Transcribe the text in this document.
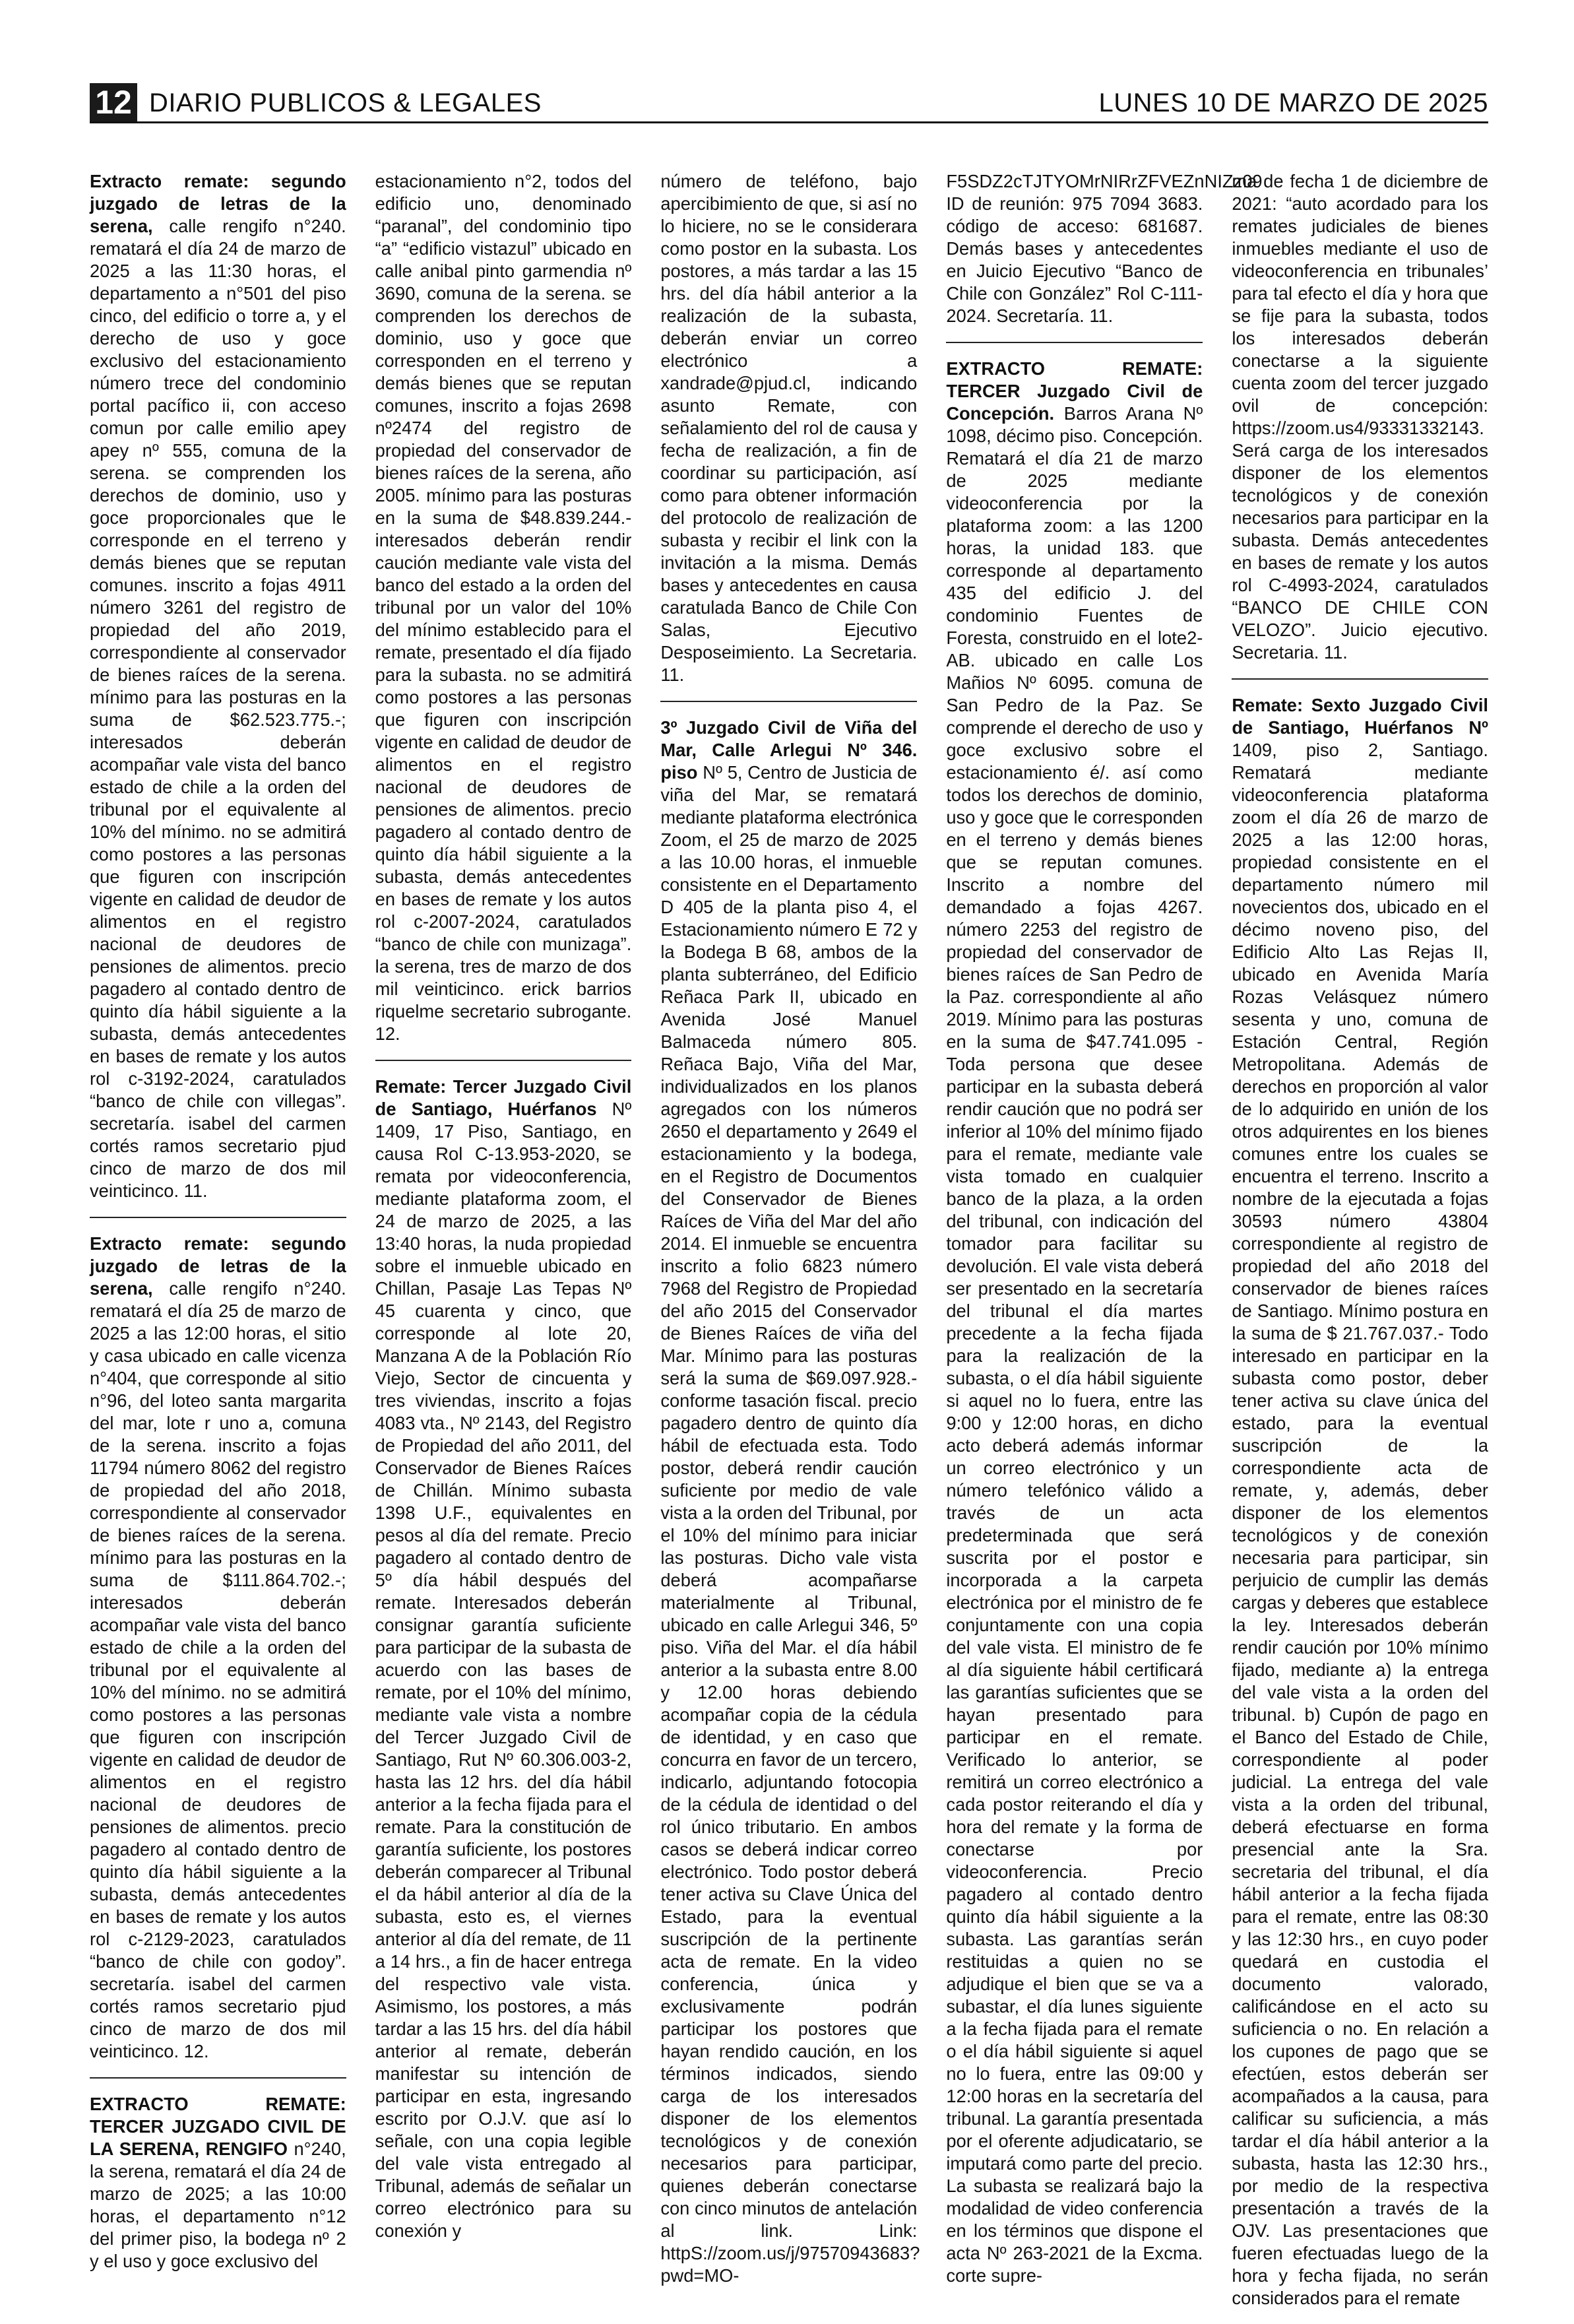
12 DIARIO PUBLICOS & LEGALES	LUNES 10 DE MARZO DE 2025
Extracto remate: segundo juzgado de letras de la serena, calle rengifo n°240. rematará el día 24 de marzo de 2025 a las 11:30 horas, el departamento a n°501 del piso cinco, del edificio o torre a, y el derecho de uso y goce exclusivo del estacionamiento número trece del condominio portal pacífico ii, con acceso comun por calle emilio apey apey nº 555, comuna de la serena. se comprenden los derechos de dominio, uso y goce proporcionales que le corresponde en el terreno y demás bienes que se reputan comunes. inscrito a fojas 4911 número 3261 del registro de propiedad del año 2019, correspondiente al conservador de bienes raíces de la serena. mínimo para las posturas en la suma de $62.523.775.-; interesados deberán acompañar vale vista del banco estado de chile a la orden del tribunal por el equivalente al 10% del mínimo. no se admitirá como postores a las personas que figuren con inscripción vigente en calidad de deudor de alimentos en el registro nacional de deudores de pensiones de alimentos. precio pagadero al contado dentro de quinto día hábil siguiente a la subasta, demás antecedentes en bases de remate y los autos rol c-3192-2024, caratulados “banco de chile con villegas”. secretaría. isabel del carmen cortés ramos secretario pjud cinco de marzo de dos mil veinticinco. 11.
Extracto remate: segundo juzgado de letras de la serena, calle rengifo n°240. rematará el día 25 de marzo de 2025 a las 12:00 horas, el sitio y casa ubicado en calle vicenza n°404, que corresponde al sitio n°96, del loteo santa margarita del mar, lote r uno a, comuna de la serena. inscrito a fojas 11794 número 8062 del registro de propiedad del año 2018, correspondiente al conservador de bienes raíces de la serena. mínimo para las posturas en la suma de $111.864.702.-; interesados deberán acompañar vale vista del banco estado de chile a la orden del tribunal por el equivalente al 10% del mínimo. no se admitirá como postores a las personas que figuren con inscripción vigente en calidad de deudor de alimentos en el registro nacional de deudores de pensiones de alimentos. precio pagadero al contado dentro de quinto día hábil siguiente a la subasta, demás antecedentes en bases de remate y los autos rol c-2129-2023, caratulados “banco de chile con godoy”. secretaría. isabel del carmen cortés ramos secretario pjud cinco de marzo de dos mil veinticinco. 12.
EXTRACTO REMATE: TERCER JUZGADO CIVIL DE LA SERENA, RENGIFO n°240, la serena, rematará el día 24 de marzo de 2025; a las 10:00 horas, el departamento n°12 del primer piso, la bodega nº 2 y el uso y goce exclusivo del
estacionamiento n°2, todos del edificio uno, denominado “paranal”, del condominio tipo “a” “edificio vistazul” ubicado en calle anibal pinto garmendia nº 3690, comuna de la serena. se comprenden los derechos de dominio, uso y goce que corresponden en el terreno y demás bienes que se reputan comunes, inscrito a fojas 2698 nº2474 del registro de propiedad del conservador de bienes raíces de la serena, año 2005. mínimo para las posturas en la suma de $48.839.244.- interesados deberán rendir caución mediante vale vista del banco del estado a la orden del tribunal por un valor del 10% del mínimo establecido para el remate, presentado el día fijado para la subasta. no se admitirá como postores a las personas que figuren con inscripción vigente en calidad de deudor de alimentos en el registro nacional de deudores de pensiones de alimentos. precio pagadero al contado dentro de quinto día hábil siguiente a la subasta, demás antecedentes en bases de remate y los autos rol c-2007-2024, caratulados “banco de chile con munizaga”. la serena, tres de marzo de dos mil veinticinco. erick barrios riquelme secretario subrogante. 12.
Remate: Tercer Juzgado Civil de Santiago, Huérfanos Nº 1409, 17 Piso, Santiago, en causa Rol C-13.953-2020, se remata por videoconferencia, mediante plataforma zoom, el 24 de marzo de 2025, a las 13:40 horas, la nuda propiedad sobre el inmueble ubicado en Chillan, Pasaje Las Tepas Nº 45 cuarenta y cinco, que corresponde al lote 20, Manzana A de la Población Río Viejo, Sector de cincuenta y tres viviendas, inscrito a fojas 4083 vta., Nº 2143, del Registro de Propiedad del año 2011, del Conservador de Bienes Raíces de Chillán. Mínimo subasta 1398 U.F., equivalentes en pesos al día del remate. Precio pagadero al contado dentro de 5º día hábil después del remate. Interesados deberán consignar garantía suficiente para participar de la subasta de acuerdo con las bases de remate, por el 10% del mínimo, mediante vale vista a nombre del Tercer Juzgado Civil de Santiago, Rut Nº 60.306.003-2, hasta las 12 hrs. del día hábil anterior a la fecha fijada para el remate. Para la constitución de garantía suficiente, los postores deberán comparecer al Tribunal el da hábil anterior al día de la subasta, esto es, el viernes anterior al día del remate, de 11 a 14 hrs., a fin de hacer entrega del respectivo vale vista. Asimismo, los postores, a más tardar a las 15 hrs. del día hábil anterior al remate, deberán manifestar su intención de participar en esta, ingresando escrito por O.J.V. que así lo señale, con una copia legible del vale vista entregado al Tribunal, además de señalar un correo electrónico para su conexión y
número de teléfono, bajo apercibimiento de que, si así no lo hiciere, no se le considerara como postor en la subasta. Los postores, a más tardar a las 15 hrs. del día hábil anterior a la realización de la subasta, deberán enviar un correo electrónico a xandrade@pjud.cl, indicando asunto Remate, con señalamiento del rol de causa y fecha de realización, a fin de coordinar su participación, así como para obtener información del protocolo de realización de subasta y recibir el link con la invitación a la misma. Demás bases y antecedentes en causa caratulada Banco de Chile Con Salas, Ejecutivo Desposeimiento. La Secretaria. 11.
3º Juzgado Civil de Viña del Mar, Calle Arlegui Nº 346. piso Nº 5, Centro de Justicia de viña del Mar, se rematará mediante plataforma electrónica Zoom, el 25 de marzo de 2025 a las 10.00 horas, el inmueble consistente en el Departamento D 405 de la planta piso 4, el Estacionamiento número E 72 y la Bodega B 68, ambos de la planta subterráneo, del Edificio Reñaca Park II, ubicado en Avenida José Manuel Balmaceda número 805. Reñaca Bajo, Viña del Mar, individualizados en los planos agregados con los números 2650 el departamento y 2649 el estacionamiento y la bodega, en el Registro de Documentos del Conservador de Bienes Raíces de Viña del Mar del año 2014. El inmueble se encuentra inscrito a folio 6823 número 7968 del Registro de Propiedad del año 2015 del Conservador de Bienes Raíces de viña del Mar. Mínimo para las posturas será la suma de $69.097.928.- conforme tasación fiscal. precio pagadero dentro de quinto día hábil de efectuada esta. Todo postor, deberá rendir caución suficiente por medio de vale vista a la orden del Tribunal, por el 10% del mínimo para iniciar las posturas. Dicho vale vista deberá acompañarse materialmente al Tribunal, ubicado en calle Arlegui 346, 5º piso. Viña del Mar. el día hábil anterior a la subasta entre 8.00 y 12.00 horas debiendo acompañar copia de la cédula de identidad, y en caso que concurra en favor de un tercero, indicarlo, adjuntando fotocopia de la cédula de identidad o del rol único tributario. En ambos casos se deberá indicar correo electrónico. Todo postor deberá tener activa su Clave Única del Estado, para la eventual suscripción de la pertinente acta de remate. En la video conferencia, única y exclusivamente podrán participar los postores que hayan rendido caución, en los términos indicados, siendo carga de los interesados disponer de los elementos tecnológicos y de conexión necesarios para participar, quienes deberán conectarse con cinco minutos de antelación al link. Link: httpS://zoom.us/j/97570943683?pwd=MO-
F5SDZ2cTJTYOMrNIRrZFVEZnNIZz09 ID de reunión: 975 7094 3683. código de acceso: 681687. Demás bases y antecedentes en Juicio Ejecutivo “Banco de Chile con González” Rol C-111-2024. Secretaría. 11.
EXTRACTO REMATE: TERCER Juzgado Civil de Concepción. Barros Arana Nº 1098, décimo piso. Concepción. Rematará el día 21 de marzo de 2025 mediante videoconferencia por la plataforma zoom: a las 1200 horas, la unidad 183. que corresponde al departamento 435 del edificio J. del condominio Fuentes de Foresta, construido en el lote2-AB. ubicado en calle Los Mañios Nº 6095. comuna de San Pedro de la Paz. Se comprende el derecho de uso y goce exclusivo sobre el estacionamiento é/. así como todos los derechos de dominio, uso y goce que le corresponden en el terreno y demás bienes que se reputan comunes. Inscrito a nombre del demandado a fojas 4267. número 2253 del registro de propiedad del conservador de bienes raíces de San Pedro de la Paz. correspondiente al año 2019. Mínimo para las posturas en la suma de $47.741.095 - Toda persona que desee participar en la subasta deberá rendir caución que no podrá ser inferior al 10% del mínimo fijado para el remate, mediante vale vista tomado en cualquier banco de la plaza, a la orden del tribunal, con indicación del tomador para facilitar su devolución. El vale vista deberá ser presentado en la secretaría del tribunal el día martes precedente a la fecha fijada para la realización de la subasta, o el día hábil siguiente si aquel no lo fuera, entre las 9:00 y 12:00 horas, en dicho acto deberá además informar un correo electrónico y un número telefónico válido a través de un acta predeterminada que será suscrita por el postor e incorporada a la carpeta electrónica por el ministro de fe conjuntamente con una copia del vale vista. El ministro de fe al día siguiente hábil certificará las garantías suficientes que se hayan presentado para participar en el remate. Verificado lo anterior, se remitirá un correo electrónico a cada postor reiterando el día y hora del remate y la forma de conectarse por videoconferencia. Precio pagadero al contado dentro quinto día hábil siguiente a la subasta. Las garantías serán restituidas a quien no se adjudique el bien que se va a subastar, el día lunes siguiente a la fecha fijada para el remate o el día hábil siguiente si aquel no lo fuera, entre las 09:00 y 12:00 horas en la secretaría del tribunal. La garantía presentada por el oferente adjudicatario, se imputará como parte del precio. La subasta se realizará bajo la modalidad de video conferencia en los términos que dispone el acta Nº 263-2021 de la Excma. corte supre-
ma de fecha 1 de diciembre de 2021: “auto acordado para los remates judiciales de bienes inmuebles mediante el uso de videoconferencia en tribunales’ para tal efecto el día y hora que se fije para la subasta, todos los interesados deberán conectarse a la siguiente cuenta zoom del tercer juzgado ovil de concepción: https://zoom.us4/93331332143. Será carga de los interesados disponer de los elementos tecnológicos y de conexión necesarios para participar en la subasta. Demás antecedentes en bases de remate y los autos rol C-4993-2024, caratulados “BANCO DE CHILE CON VELOZO”. Juicio ejecutivo. Secretaria. 11.
Remate: Sexto Juzgado Civil de Santiago, Huérfanos Nº 1409, piso 2, Santiago. Rematará mediante videoconferencia plataforma zoom el día 26 de marzo de 2025 a las 12:00 horas, propiedad consistente en el departamento número mil novecientos dos, ubicado en el décimo noveno piso, del Edificio Alto Las Rejas II, ubicado en Avenida María Rozas Velásquez número sesenta y uno, comuna de Estación Central, Región Metropolitana. Además de derechos en proporción al valor de lo adquirido en unión de los otros adquirentes en los bienes comunes entre los cuales se encuentra el terreno. Inscrito a nombre de la ejecutada a fojas 30593 número 43804 correspondiente al registro de propiedad del año 2018 del conservador de bienes raíces de Santiago. Mínimo postura en la suma de $ 21.767.037.- Todo interesado en participar en la subasta como postor, deber tener activa su clave única del estado, para la eventual suscripción de la correspondiente acta de remate, y, además, deber disponer de los elementos tecnológicos y de conexión necesaria para participar, sin perjuicio de cumplir las demás cargas y deberes que establece la ley. Interesados deberán rendir caución por 10% mínimo fijado, mediante a) la entrega del vale vista a la orden del tribunal. b) Cupón de pago en el Banco del Estado de Chile, correspondiente al poder judicial. La entrega del vale vista a la orden del tribunal, deberá efectuarse en forma presencial ante la Sra. secretaria del tribunal, el día hábil anterior a la fecha fijada para el remate, entre las 08:30 y las 12:30 hrs., en cuyo poder quedará en custodia el documento valorado, calificándose en el acto su suficiencia o no. En relación a los cupones de pago que se efectúen, estos deberán ser acompañados a la causa, para calificar su suficiencia, a más tardar el día hábil anterior a la subasta, hasta las 12:30 hrs., por medio de la respectiva presentación a través de la OJV. Las presentaciones que fueren efectuadas luego de la hora y fecha fijada, no serán considerados para el remate
